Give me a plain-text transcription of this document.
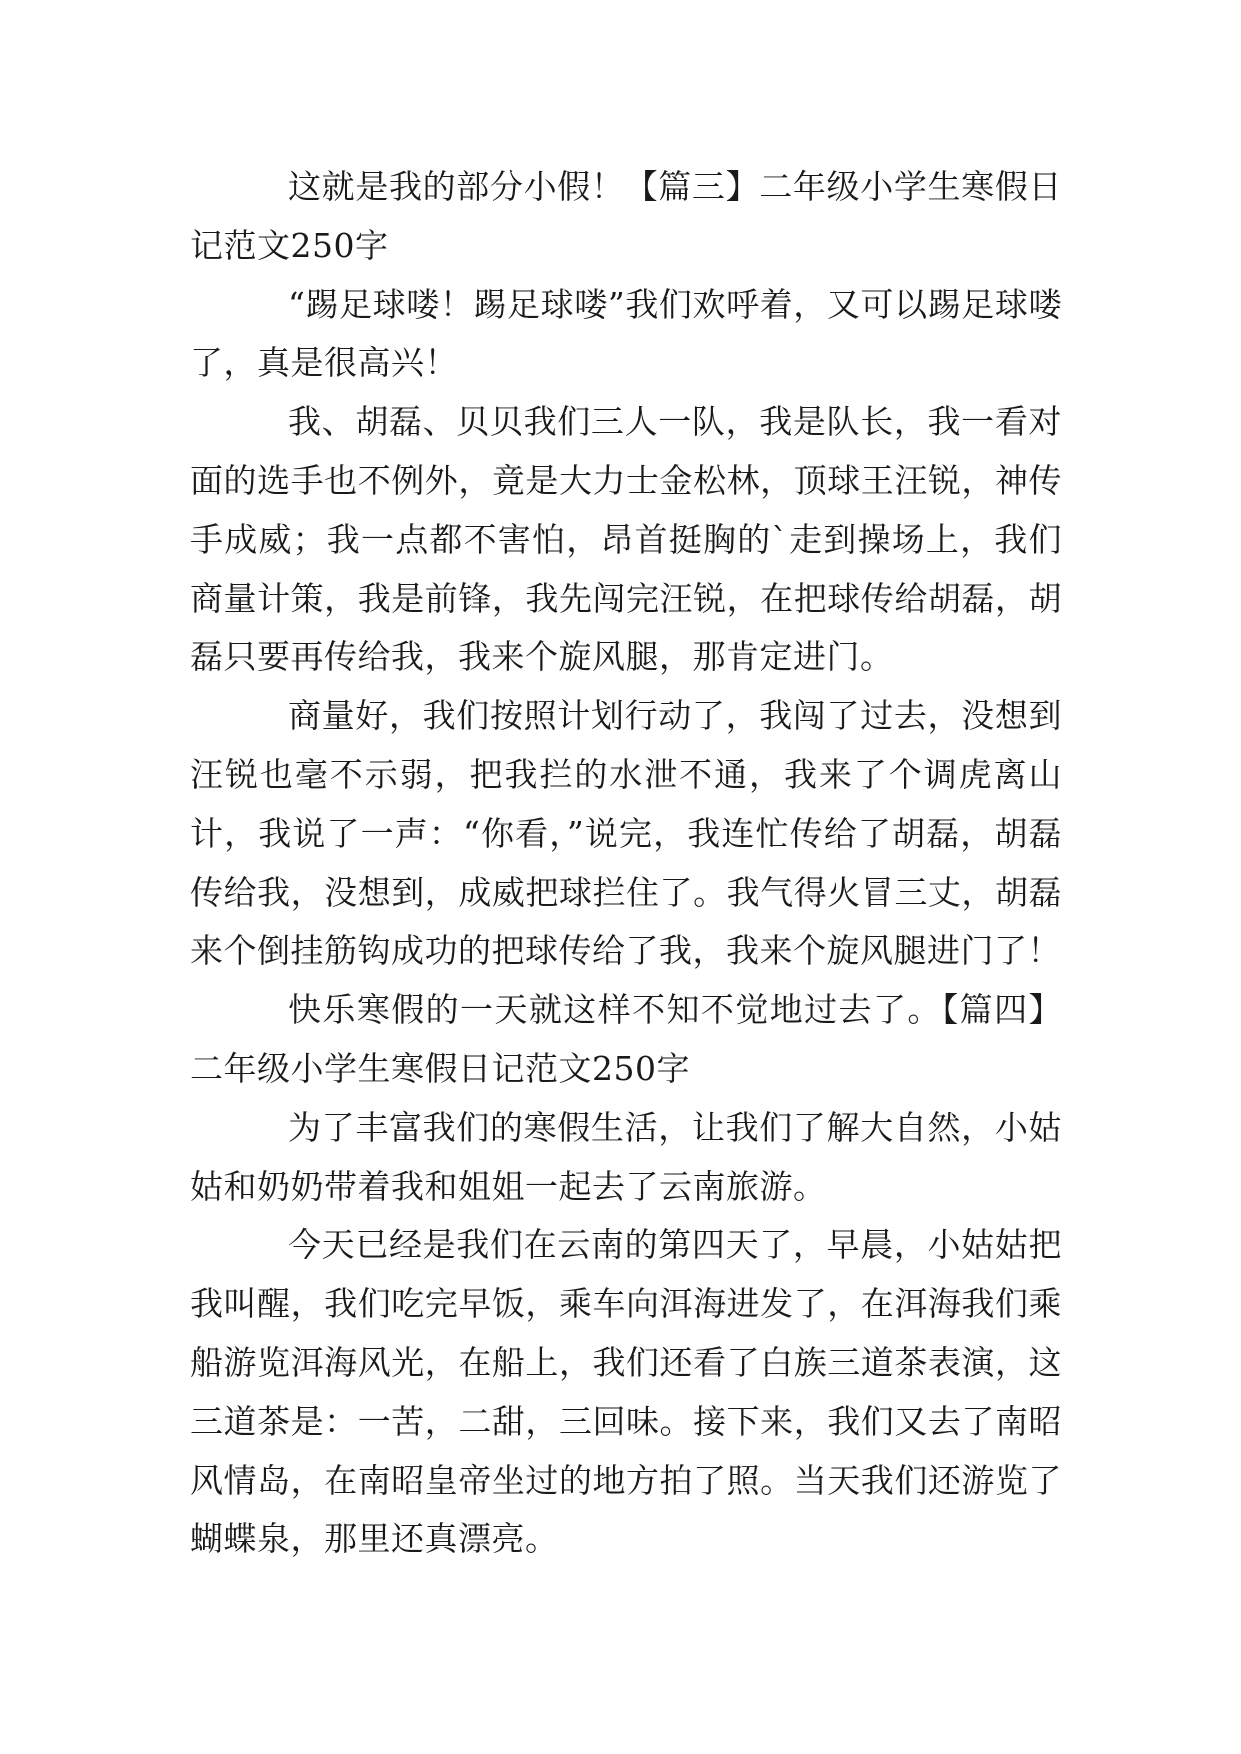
这就是我的部分小假！【篇三】二年级小学生寒假日记范文250字

“踢足球喽！踢足球喽”我们欢呼着，又可以踢足球喽了，真是很高兴！

我、胡磊、贝贝我们三人一队，我是队长，我一看对面的选手也不例外，竟是大力士金松林，顶球王汪锐，神传手成威；我一点都不害怕，昂首挺胸的`走到操场上，我们商量计策，我是前锋，我先闯完汪锐，在把球传给胡磊，胡磊只要再传给我，我来个旋风腿，那肯定进门。

商量好，我们按照计划行动了，我闯了过去，没想到汪锐也毫不示弱，把我拦的水泄不通，我来了个调虎离山计，我说了一声：“你看，”说完，我连忙传给了胡磊，胡磊传给我，没想到，成威把球拦住了。我气得火冒三丈，胡磊来个倒挂筋钩成功的把球传给了我，我来个旋风腿进门了！

快乐寒假的一天就这样不知不觉地过去了。【篇四】二年级小学生寒假日记范文250字

为了丰富我们的寒假生活，让我们了解大自然，小姑姑和奶奶带着我和姐姐一起去了云南旅游。

今天已经是我们在云南的第四天了，早晨，小姑姑把我叫醒，我们吃完早饭，乘车向洱海进发了，在洱海我们乘船游览洱海风光，在船上，我们还看了白族三道茶表演，这三道茶是：一苦，二甜，三回味。接下来，我们又去了南昭风情岛，在南昭皇帝坐过的地方拍了照。当天我们还游览了蝴蝶泉，那里还真漂亮。
